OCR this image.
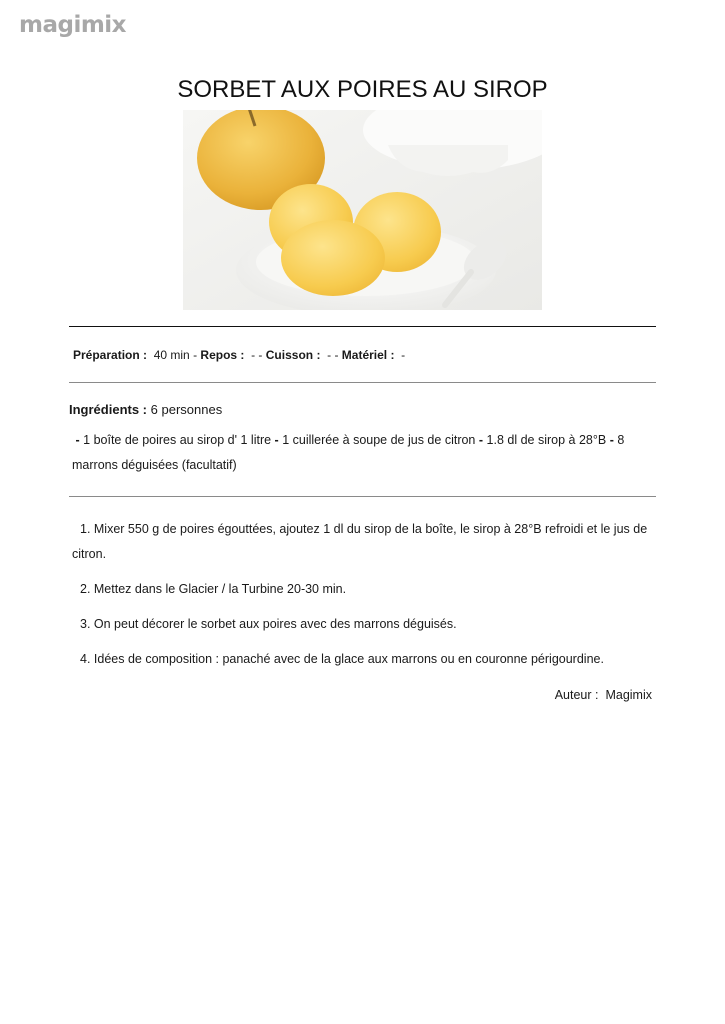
magimix
SORBET AUX POIRES AU SIROP
Préparation : 40 min - Repos : - - Cuisson : - - Matériel : -
Ingrédients : 6 personnes
- 1 boîte de poires au sirop d' 1 litre - 1 cuillerée à soupe de jus de citron - 1.8 dl de sirop à 28°B - 8 marrons déguisées (facultatif)

1. Mixer 550 g de poires égouttées, ajoutez 1 dl du sirop de la boîte, le sirop à 28°B refroidi et le jus de citron.

2. Mettez dans le Glacier / la Turbine 20-30 min.

3. On peut décorer le sorbet aux poires avec des marrons déguisés.

4. Idées de composition : panaché avec de la glace aux marrons ou en couronne périgourdine.

Auteur : Magimix
